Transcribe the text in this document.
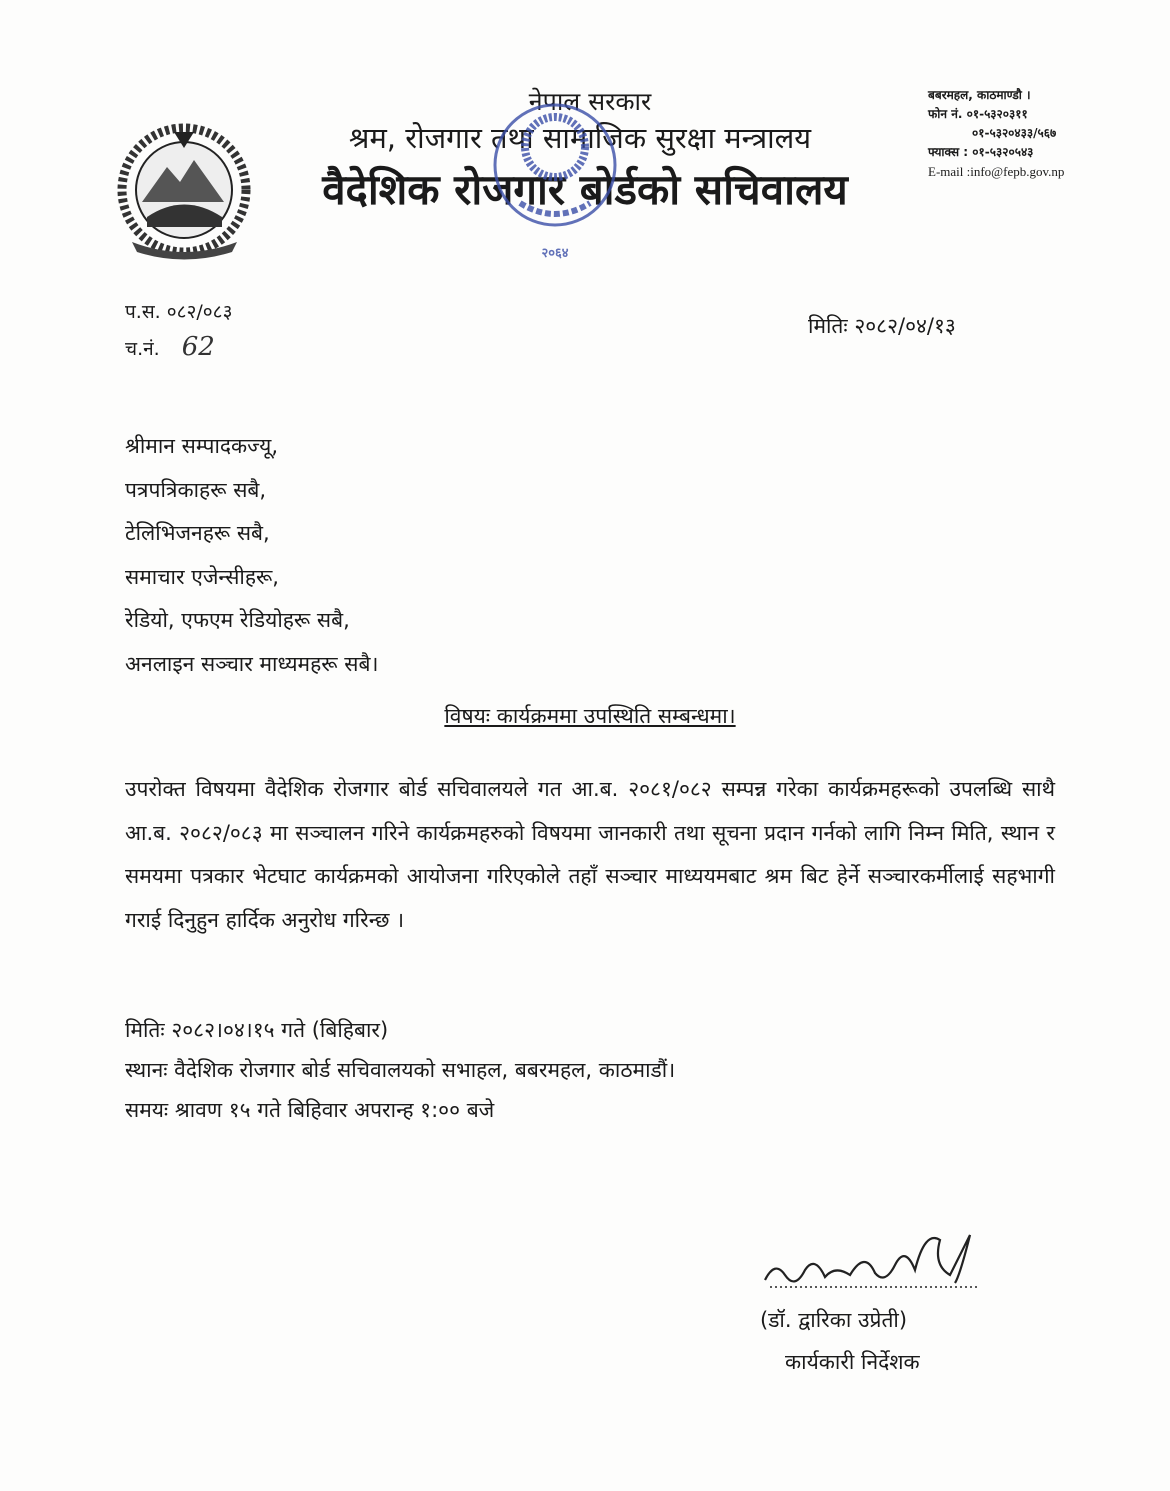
नेपाल सरकार
श्रम, रोजगार तथा सामाजिक सुरक्षा मन्त्रालय
वैदेशिक रोजगार बोर्डको सचिवालय
२०६४
बबरमहल, काठमाण्डौ ।
फोन नं. ०१-५३२०३११
०१-५३२०४३३/५६७
फ्याक्स : ०१-५३२०५४३
E-mail :info@fepb.gov.np
प.स. ०८२/०८३
च.नं. 62
मितिः २०८२/०४/१३
श्रीमान सम्पादकज्यू,
पत्रपत्रिकाहरू सबै,
टेलिभिजनहरू सबै,
समाचार एजेन्सीहरू,
रेडियो, एफएम रेडियोहरू सबै,
अनलाइन सञ्चार माध्यमहरू सबै।
विषयः कार्यक्रममा उपस्थिति सम्बन्धमा।
उपरोक्त विषयमा वैदेशिक रोजगार बोर्ड सचिवालयले गत आ.ब. २०८१/०८२ सम्पन्न गरेका कार्यक्रमहरूको उपलब्धि साथै आ.ब. २०८२/०८३ मा सञ्चालन गरिने कार्यक्रमहरुको विषयमा जानकारी तथा सूचना प्रदान गर्नको लागि निम्न मिति, स्थान र समयमा पत्रकार भेटघाट कार्यक्रमको आयोजना गरिएकोले तहाँ सञ्चार माध्ययमबाट श्रम बिट हेर्ने सञ्चारकर्मीलाई सहभागी गराई दिनुहुन हार्दिक अनुरोध गरिन्छ ।
मितिः २०८२।०४।१५ गते (बिहिबार)
स्थानः वैदेशिक रोजगार बोर्ड सचिवालयको सभाहल, बबरमहल, काठमाडौं।
समयः श्रावण १५ गते बिहिवार अपरान्ह १:०० बजे
(डॉ. द्वारिका उप्रेती)
कार्यकारी निर्देशक
